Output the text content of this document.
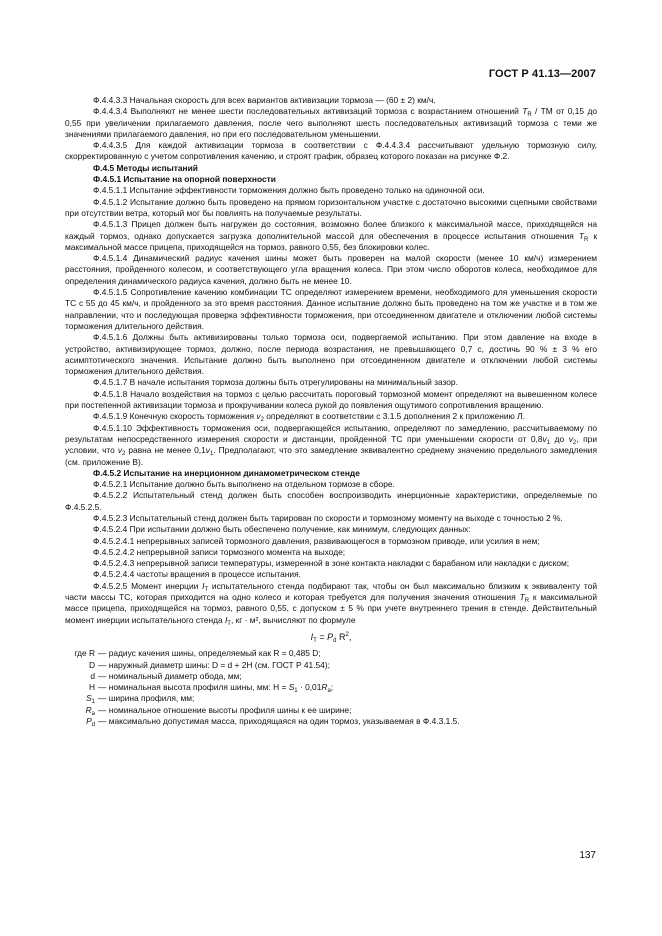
ГОСТ Р 41.13—2007

Ф.4.4.3.3 Начальная скорость для всех вариантов активизации тормоза — (60 ± 2) км/ч.

Ф.4.4.3.4 Выполняют не менее шести последовательных активизаций тормоза с возрастанием отношений $T_R$ / TM от 0,15 до 0,55 при увеличении прилагаемого давления, после чего выполняют шесть последовательных активизаций тормоза с теми же значениями прилагаемого давления, но при его последовательном уменьшении.

Ф.4.4.3.5 Для каждой активизации тормоза в соответствии с Ф.4.4.3.4 рассчитывают удельную тормозную силу, скорректированную с учетом сопротивления качению, и строят график, образец которого показан на рисунке Ф.2.

Ф.4.5 Методы испытаний

Ф.4.5.1 Испытание на опорной поверхности

Ф.4.5.1.1 Испытание эффективности торможения должно быть проведено только на одиночной оси.

Ф.4.5.1.2 Испытание должно быть проведено на прямом горизонтальном участке с достаточно высокими сцепными свойствами при отсутствии ветра, который мог бы повлиять на получаемые результаты.

Ф.4.5.1.3 Прицеп должен быть нагружен до состояния, возможно более близкого к максимальной массе, приходящейся на каждый тормоз, однако допускается загрузка дополнительной массой для обеспечения в процессе испытания отношения $T_R$ к максимальной массе прицепа, приходящейся на тормоз, равного 0,55, без блокировки колес.

Ф.4.5.1.4 Динамический радиус качения шины может быть проверен на малой скорости (менее 10 км/ч) измерением расстояния, пройденного колесом, и соответствующего угла вращения колеса. При этом число оборотов колеса, необходимое для определения динамического радиуса качения, должно быть не менее 10.

Ф.4.5.1.5 Сопротивление качению комбинации ТС определяют измерением времени, необходимого для уменьшения скорости ТС с 55 до 45 км/ч, и пройденного за это время расстояния. Данное испытание должно быть проведено на том же участке и в том же направлении, что и последующая проверка эффективности торможения, при отсоединенном двигателе и отключении любой системы торможения длительного действия.

Ф.4.5.1.6 Должны быть активизированы только тормоза оси, подвергаемой испытанию. При этом давление на входе в устройство, активизирующее тормоз, должно, после периода возрастания, не превышающего 0,7 с, достичь 90 % ± 3 % его асимптотического значения. Испытание должно быть выполнено при отсоединенном двигателе и отключении любой системы торможения длительного действия.

Ф.4.5.1.7 В начале испытания тормоза должны быть отрегулированы на минимальный зазор.

Ф.4.5.1.8 Начало воздействия на тормоз с целью рассчитать пороговый тормозной момент определяют на вывешенном колесе при постепенной активизации тормоза и прокручивании колеса рукой до появления ощутимого сопротивления вращению.

Ф.4.5.1.9 Конечную скорость торможения $v_2$ определяют в соответствии с 3.1.5 дополнения 2 к приложению Л.

Ф.4.5.1.10 Эффективность торможения оси, подвергающейся испытанию, определяют по замедлению, рассчитываемому по результатам непосредственного измерения скорости и дистанции, пройденной ТС при уменьшении скорости от $0,8v_1$ до $v_2$, при условии, что $v_2$ равна не менее $0,1v_1$. Предполагают, что это замедление эквивалентно среднему значению предельного замедления (см. приложение В).

Ф.4.5.2 Испытание на инерционном динамометрическом стенде

Ф.4.5.2.1 Испытание должно быть выполнено на отдельном тормозе в сборе.

Ф.4.5.2.2 Испытательный стенд должен быть способен воспроизводить инерционные характеристики, определяемые по Ф.4.5.2.5.

Ф.4.5.2.3 Испытательный стенд должен быть тарирован по скорости и тормозному моменту на выходе с точностью 2 %.

Ф.4.5.2.4 При испытании должно быть обеспечено получение, как минимум, следующих данных:

Ф.4.5.2.4.1 непрерывных записей тормозного давления, развивающегося в тормозном приводе, или усилия в нем;

Ф.4.5.2.4.2 непрерывной записи тормозного момента на выходе;

Ф.4.5.2.4.3 непрерывной записи температуры, измеренной в зоне контакта накладки с барабаном или накладки с диском;

Ф.4.5.2.4.4 частоты вращения в процессе испытания.

Ф.4.5.2.5 Момент инерции $I_T$ испытательного стенда подбирают так, чтобы он был максимально близким к эквиваленту той части массы ТС, которая приходится на одно колесо и которая требуется для получения значения отношения $T_R$ к максимальной массе прицепа, приходящейся на тормоз, равного 0,55, с допуском ± 5 % при учете внутреннего трения в стенде. Действительный момент инерции испытательного стенда $I_T$, кг · м², вычисляют по формуле

$I_T = P_d$ $R^2$,
где R — радиус качения шины, определяемый как R = 0,485 D;
D — наружный диаметр шины: D = d + 2H (см. ГОСТ Р 41.54);
d — номинальный диаметр обода, мм;
H — номинальная высота профиля шины, мм: $H = S_1 \cdot 0,01R_a$;
$S_1$ — ширина профиля, мм;
$R_a$ — номинальное отношение высоты профиля шины к ее ширине;
$P_d$ — максимально допустимая масса, приходящаяся на один тормоз, указываемая в Ф.4.3.1.5.
137
